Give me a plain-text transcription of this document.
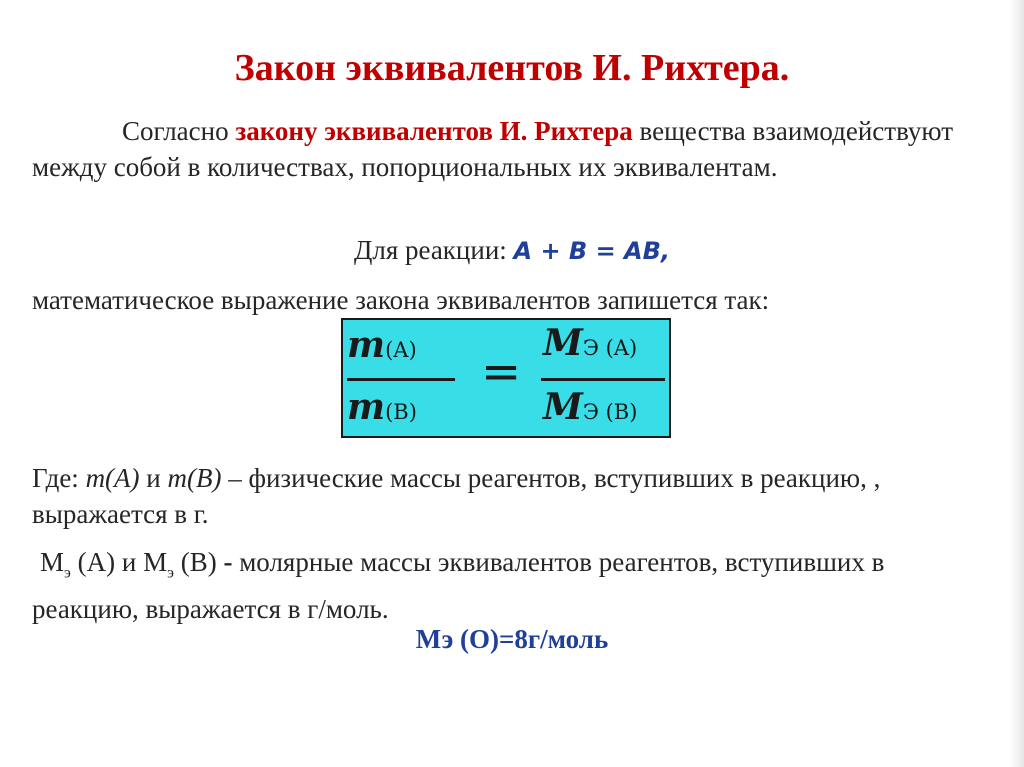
Закон эквивалентов И. Рихтера.
Согласно закону эквивалентов И. Рихтера вещества взаимодействуют между собой в количествах, попорциональных их эквивалентам.
Для реакции: A + B = AB,
математическое выражение закона эквивалентов запишется так:
m(A)
m(B)
=
MЭ (A)
MЭ (B)
Где: m(A) и m(B) – физические массы реагентов, вступивших в реакцию, , выражается в г.
$М_э$ (А) и $М_э$ (В) - молярные массы эквивалентов реагентов, вступивших в реакцию, выражается в г/моль.
Мэ (О)=8г/моль
